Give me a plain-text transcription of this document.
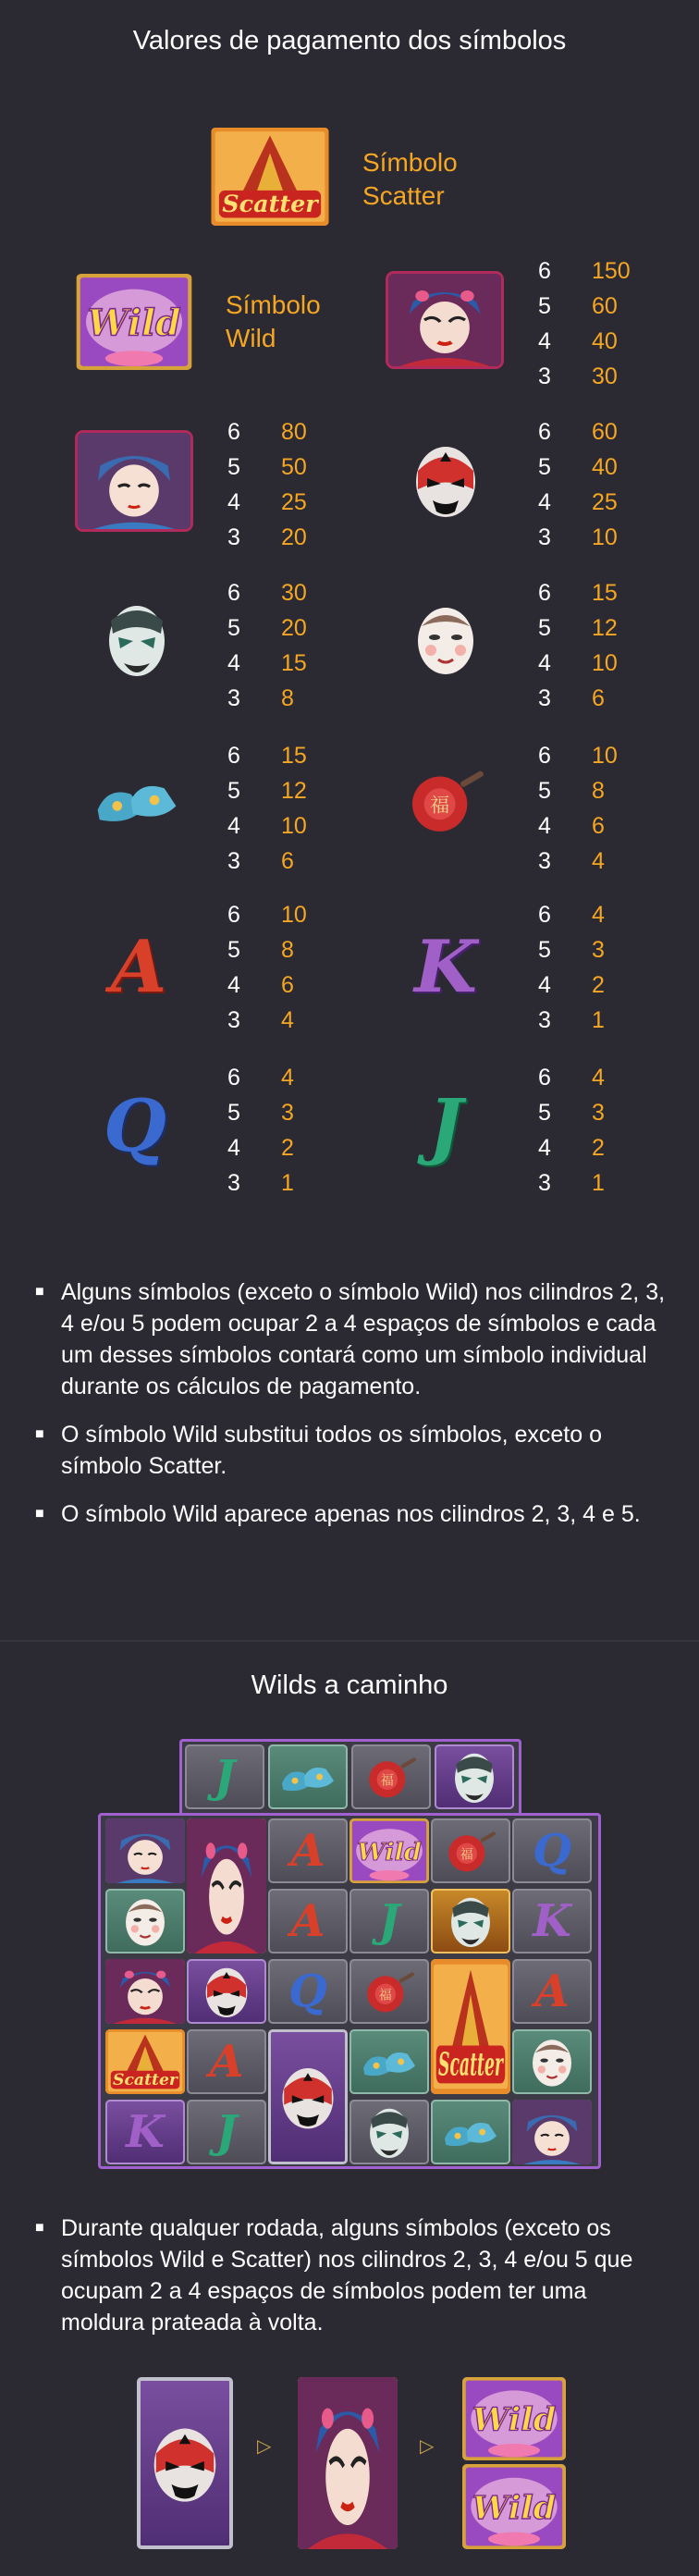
Valores de pagamento dos símbolos
Símbolo
Scatter
Símbolo
Wild
6	150
5	60
4	40
3	30
6	80
5	50
4	25
3	20
6	60
5	40
4	25
3	10
6	30
5	20
4	15
3	8
6	15
5	12
4	10
3	6
6	15
5	12
4	10
3	6
6	10
5	8
4	6
3	4
A
6	10
5	8
4	6
3	4
K
6	4
5	3
4	2
3	1
Q
6	4
5	3
4	2
3	1
J
6	4
5	3
4	2
3	1
■ Alguns símbolos (exceto o símbolo Wild) nos cilindros 2, 3, 4 e/ou 5 podem ocupar 2 a 4 espaços de símbolos e cada um desses símbolos contará como um símbolo individual durante os cálculos de pagamento.
■ O símbolo Wild substitui todos os símbolos, exceto o símbolo Scatter.
■ O símbolo Wild aparece apenas nos cilindros 2, 3, 4 e 5.
Wilds a caminho
J
K
A
J
A
A
Q
J
Q
K
A
■ Durante qualquer rodada, alguns símbolos (exceto os símbolos Wild e Scatter) nos cilindros 2, 3, 4 e/ou 5 que ocupam 2 a 4 espaços de símbolos podem ter uma moldura prateada à volta.
▷	▷
